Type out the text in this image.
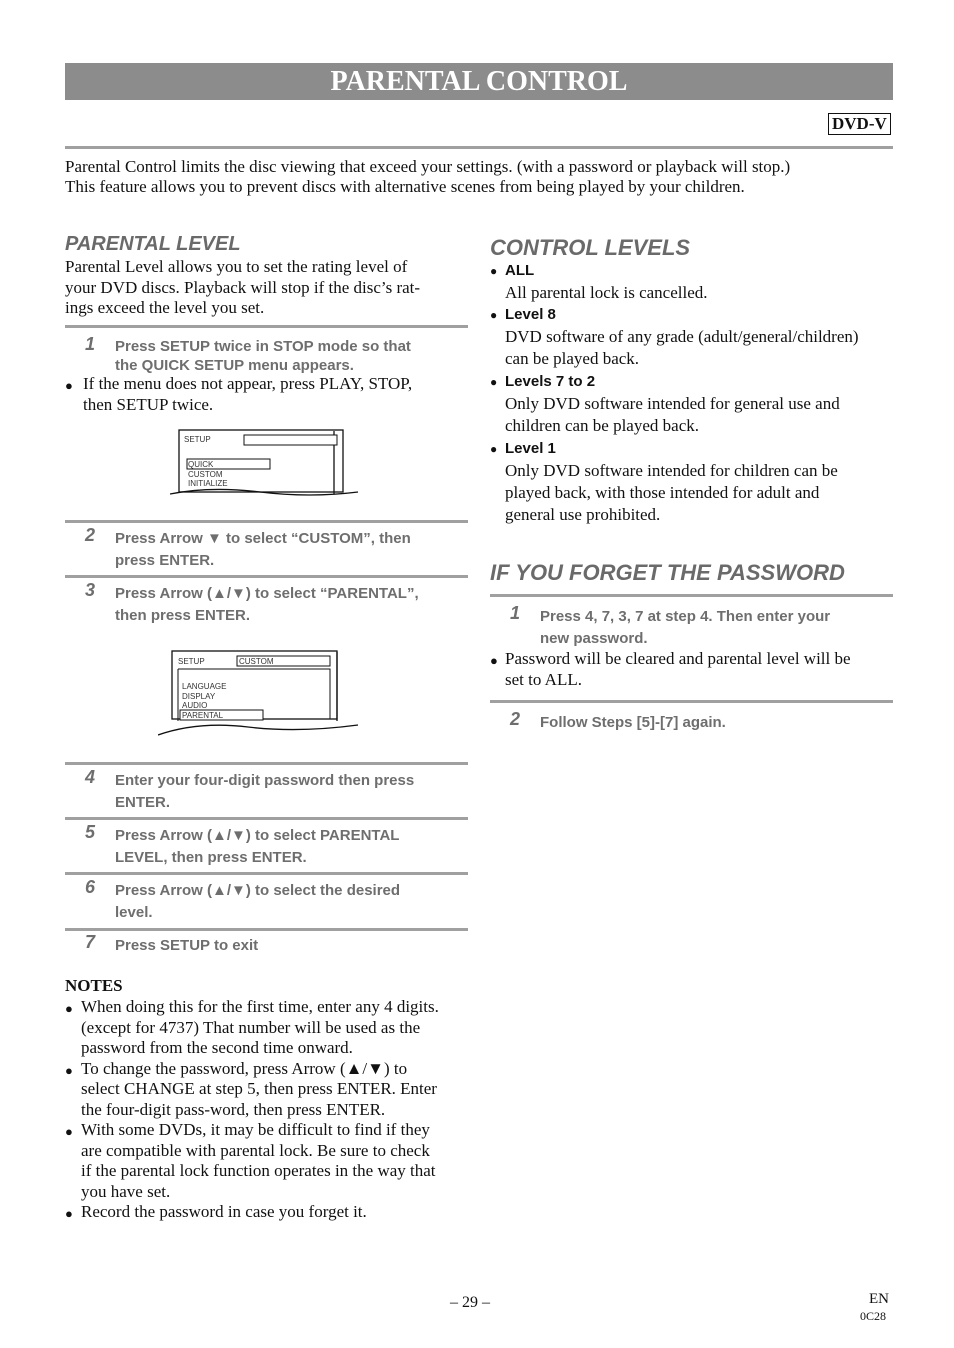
PARENTAL CONTROL
DVD-V
Parental Control limits the disc viewing that exceed your settings. (with a password or playback will stop.)
This feature allows you to prevent discs with alternative scenes from being played by your children.
PARENTAL LEVEL
Parental Level allows you to set the rating level of
your DVD discs. Playback will stop if the disc’s rat-
ings exceed the level you set.
1 Press SETUP twice in STOP mode so that
the QUICK SETUP menu appears.
● If the menu does not appear, press PLAY, STOP,
then SETUP twice.
SETUP
QUICK
CUSTOM
INITIALIZE
2 Press Arrow ▼ to select “CUSTOM”, then
press ENTER.
3 Press Arrow (▲/▼) to select “PARENTAL”,
then press ENTER.
SETUP	CUSTOM
LANGUAGE
DISPLAY
AUDIO
PARENTAL
4 Enter your four-digit password then press
ENTER.
5 Press Arrow (▲/▼) to select PARENTAL
LEVEL, then press ENTER.
6 Press Arrow (▲/▼) to select the desired
level.
7 Press SETUP to exit
NOTES
● When doing this for the first time, enter any 4 digits.
(except for 4737) That number will be used as the
password from the second time onward.
● To change the password, press Arrow (▲/▼) to
select CHANGE at step 5, then press ENTER. Enter
the four-digit pass-word, then press ENTER.
● With some DVDs, it may be difficult to find if they
are compatible with parental lock. Be sure to check
if the parental lock function operates in the way that
you have set.
● Record the password in case you forget it.
CONTROL LEVELS
● ALL
All parental lock is cancelled.
● Level 8
DVD software of any grade (adult/general/children)
can be played back.
● Levels 7 to 2
Only DVD software intended for general use and
children can be played back.
● Level 1
Only DVD software intended for children can be
played back, with those intended for adult and
general use prohibited.
IF YOU FORGET THE PASSWORD
1 Press 4, 7, 3, 7 at step 4. Then enter your
new password.
● Password will be cleared and parental level will be
set to ALL.
2 Follow Steps [5]-[7] again.
– 29 –	EN
0C28
